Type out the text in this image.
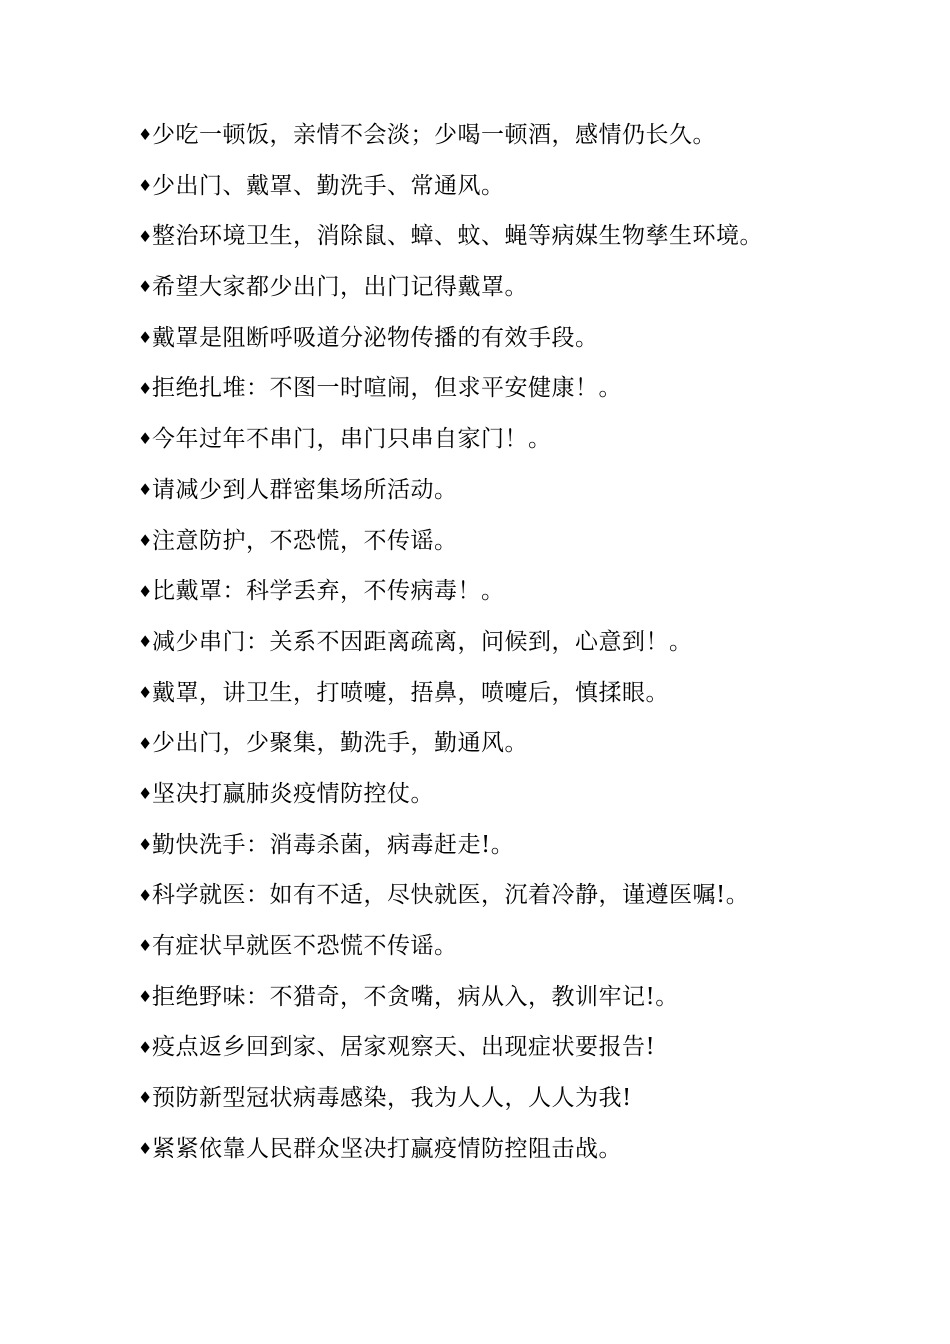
♦ 少吃一顿饭，亲情不会淡；少喝一顿酒，感情仍长久。
♦ 少出门、戴罩、勤洗手、常通风。
♦ 整治环境卫生，消除鼠、蟑、蚊、蝇等病媒生物孳生环境。
♦ 希望大家都少出门，出门记得戴罩。
♦ 戴罩是阻断呼吸道分泌物传播的有效手段。
♦ 拒绝扎堆：不图一时喧闹，但求平安健康！。
♦ 今年过年不串门，串门只串自家门！。
♦ 请减少到人群密集场所活动。
♦ 注意防护，不恐慌，不传谣。
♦ 比戴罩：科学丢弃，不传病毒！。
♦ 减少串门：关系不因距离疏离，问候到，心意到！。
♦ 戴罩，讲卫生，打喷嚏，捂鼻，喷嚏后，慎揉眼。
♦ 少出门，少聚集，勤洗手，勤通风。
♦ 坚决打赢肺炎疫情防控仗。
♦ 勤快洗手：消毒杀菌，病毒赶走!。
♦ 科学就医：如有不适，尽快就医，沉着冷静，谨遵医嘱!。
♦ 有症状早就医不恐慌不传谣。
♦ 拒绝野味：不猎奇，不贪嘴，病从入，教训牢记!。
♦ 疫点返乡回到家、居家观察天、出现症状要报告!
♦ 预防新型冠状病毒感染，我为人人，人人为我!
♦ 紧紧依靠人民群众坚决打赢疫情防控阻击战。
